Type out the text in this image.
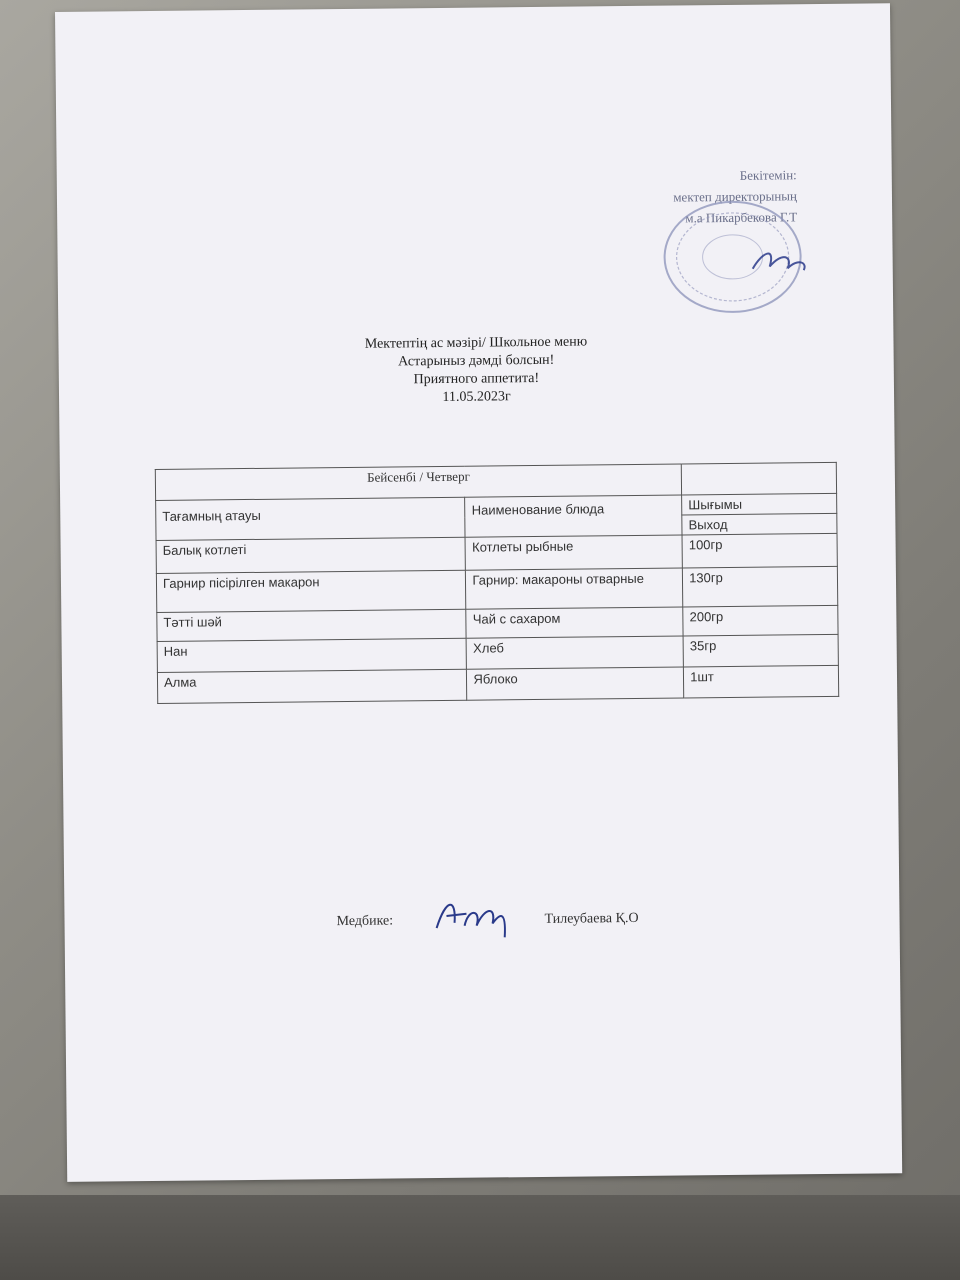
Бекітемін:
мектеп директорының
м.а Пикарбекова Г.Т
Мектептің ас мәзірі/ Школьное меню
Астарыныз дәмді болсын!
Приятного аппетита!
11.05.2023г
Бейсенбі / Четверг		
Тағамның атауы	Наименование блюда	Шығымы
		Выход
Балық котлеті	Котлеты рыбные	100гр
Гарнир пісірілген макарон	Гарнир: макароны отварные	130гр
Тәтті шәй	Чай с сахаром	200гр
Нан	Хлеб	35гр
Алма	Яблоко	1шт
Медбике:	Тилеубаева Қ.О
